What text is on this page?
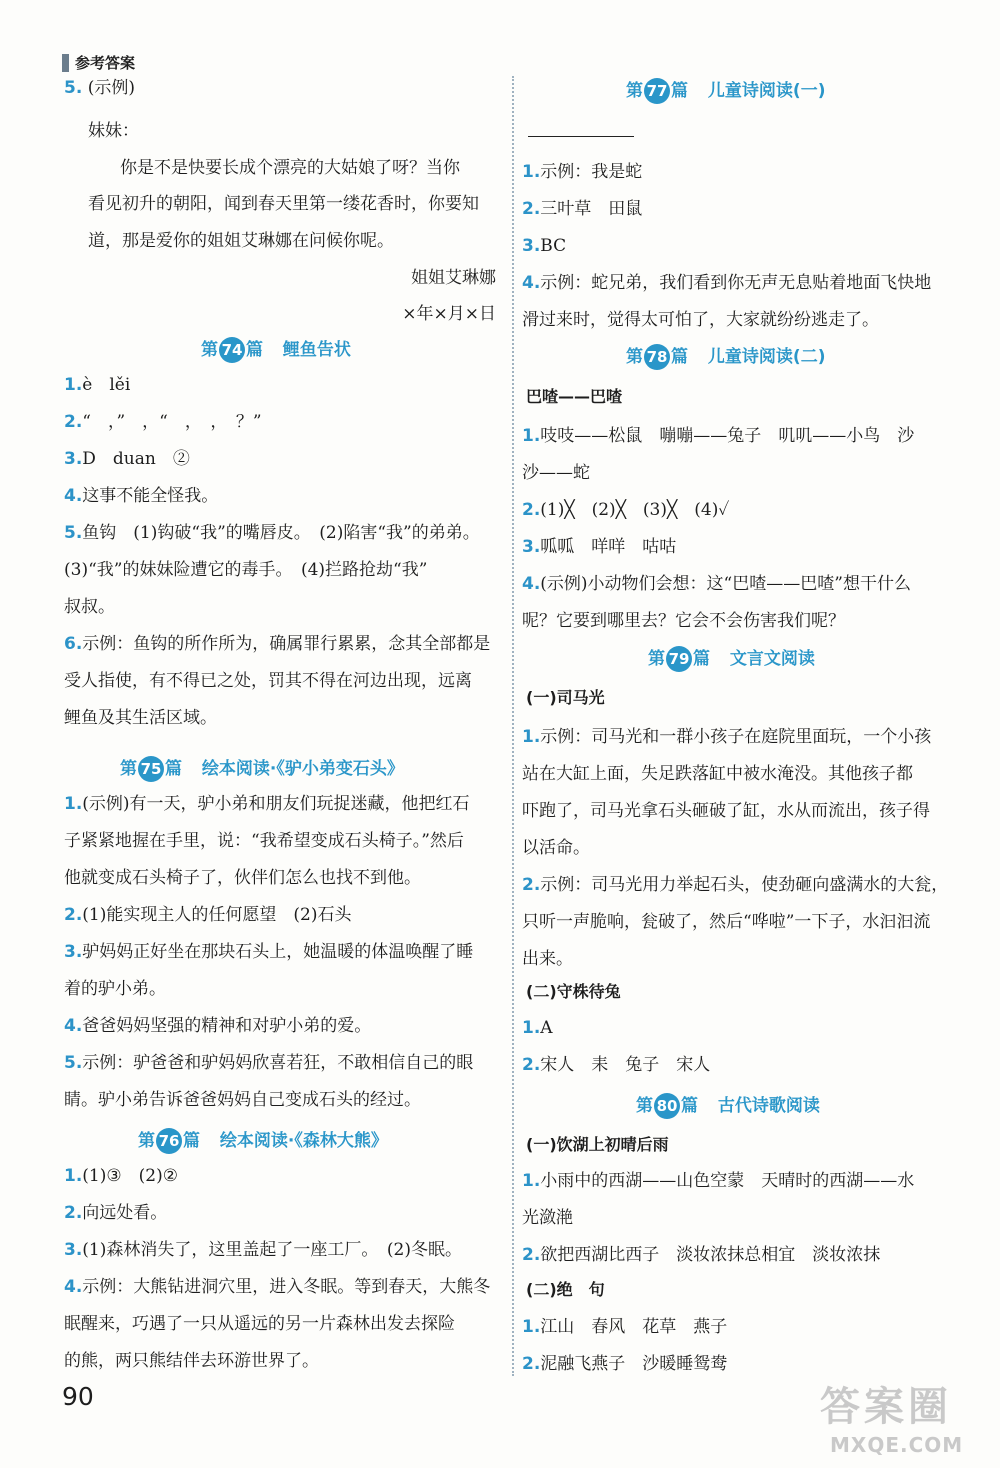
参考答案
5. (示例)
妹妹：
你是不是快要长成个漂亮的大姑娘了呀？当你
看见初升的朝阳，闻到春天里第一缕花香时，你要知
道，那是爱你的姐姐艾琳娜在问候你呢。
姐姐艾琳娜
×年×月×日
第 74 篇 鲤鱼告状
1.è　lěi
2.“　，”　，“　，　，　？”
3.D　duan　②
4.这事不能全怪我。
5.鱼钩　(1)钩破“我”的嘴唇皮。　(2)陷害“我”的弟弟。
(3)“我”的妹妹险遭它的毒手。　(4)拦路抢劫“我”
叔叔。
6.示例：鱼钩的所作所为，确属罪行累累，念其全部都是
受人指使，有不得已之处，罚其不得在河边出现，远离
鲤鱼及其生活区域。
第 75 篇 绘本阅读·《驴小弟变石头》
1.(示例)有一天，驴小弟和朋友们玩捉迷藏，他把红石
子紧紧地握在手里，说：“我希望变成石头椅子。”然后
他就变成石头椅子了，伙伴们怎么也找不到他。
2.(1)能实现主人的任何愿望　(2)石头
3.驴妈妈正好坐在那块石头上，她温暖的体温唤醒了睡
着的驴小弟。
4.爸爸妈妈坚强的精神和对驴小弟的爱。
5.示例：驴爸爸和驴妈妈欣喜若狂，不敢相信自己的眼
睛。驴小弟告诉爸爸妈妈自己变成石头的经过。
第 76 篇 绘本阅读·《森林大熊》
1.(1)③　(2)②
2.向远处看。
3.(1)森林消失了，这里盖起了一座工厂。　(2)冬眠。
4.示例：大熊钻进洞穴里，进入冬眠。等到春天，大熊冬
眠醒来，巧遇了一只从遥远的另一片森林出发去探险
的熊，两只熊结伴去环游世界了。
第 77 篇 儿童诗阅读(一)
1.示例：我是蛇
2.三叶草　田鼠
3.BC
4.示例：蛇兄弟，我们看到你无声无息贴着地面飞快地
滑过来时，觉得太可怕了，大家就纷纷逃走了。
第 78 篇 儿童诗阅读(二)
巴喳——巴喳
1.吱吱——松鼠　嘣嘣——兔子　叽叽——小鸟　沙
沙——蛇
2.(1)╳　(2)╳　(3)╳　(4)✓
3.呱呱　咩咩　咕咕
4.(示例)小动物们会想：这“巴喳——巴喳”想干什么
呢？它要到哪里去？它会不会伤害我们呢？
第 79 篇 文言文阅读
(一)司马光
1.示例：司马光和一群小孩子在庭院里面玩，一个小孩
站在大缸上面，失足跌落缸中被水淹没。其他孩子都
吓跑了，司马光拿石头砸破了缸，水从而流出，孩子得
以活命。
2.示例：司马光用力举起石头，使劲砸向盛满水的大瓮，
只听一声脆响，瓮破了，然后“哗啦”一下子，水汩汩流
出来。
(二)守株待兔
1.A
2.宋人　耒　兔子　宋人
第 80 篇 古代诗歌阅读
(一)饮湖上初晴后雨
1.小雨中的西湖——山色空蒙　天晴时的西湖——水
光潋滟
2.欲把西湖比西子　淡妆浓抹总相宜　淡妆浓抹
(二)绝　句
1.江山　春风　花草　燕子
2.泥融飞燕子　沙暖睡鸳鸯
90	答案圈
MXQE.COM
